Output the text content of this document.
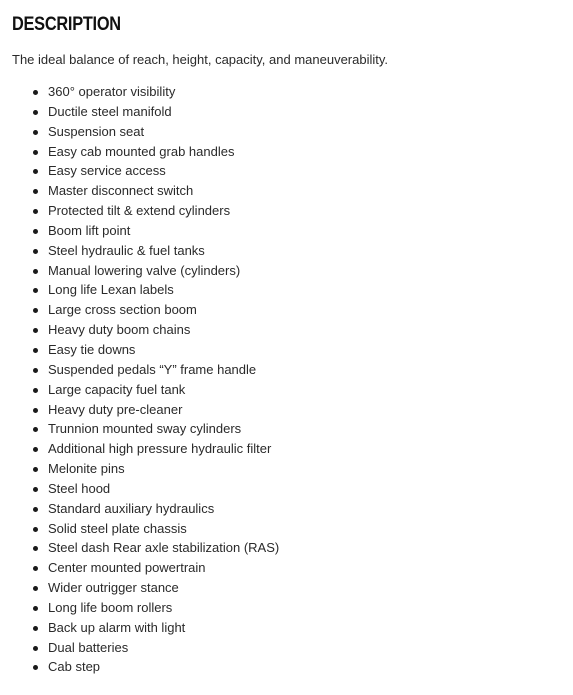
DESCRIPTION

The ideal balance of reach, height, capacity, and maneuverability.

360° operator visibility
Ductile steel manifold
Suspension seat
Easy cab mounted grab handles
Easy service access
Master disconnect switch
Protected tilt & extend cylinders
Boom lift point
Steel hydraulic & fuel tanks
Manual lowering valve (cylinders)
Long life Lexan labels
Large cross section boom
Heavy duty boom chains
Easy tie downs
Suspended pedals “Y” frame handle
Large capacity fuel tank
Heavy duty pre-cleaner
Trunnion mounted sway cylinders
Additional high pressure hydraulic filter
Melonite pins
Steel hood
Standard auxiliary hydraulics
Solid steel plate chassis
Steel dash Rear axle stabilization (RAS)
Center mounted powertrain
Wider outrigger stance
Long life boom rollers
Back up alarm with light
Dual batteries
Cab step
